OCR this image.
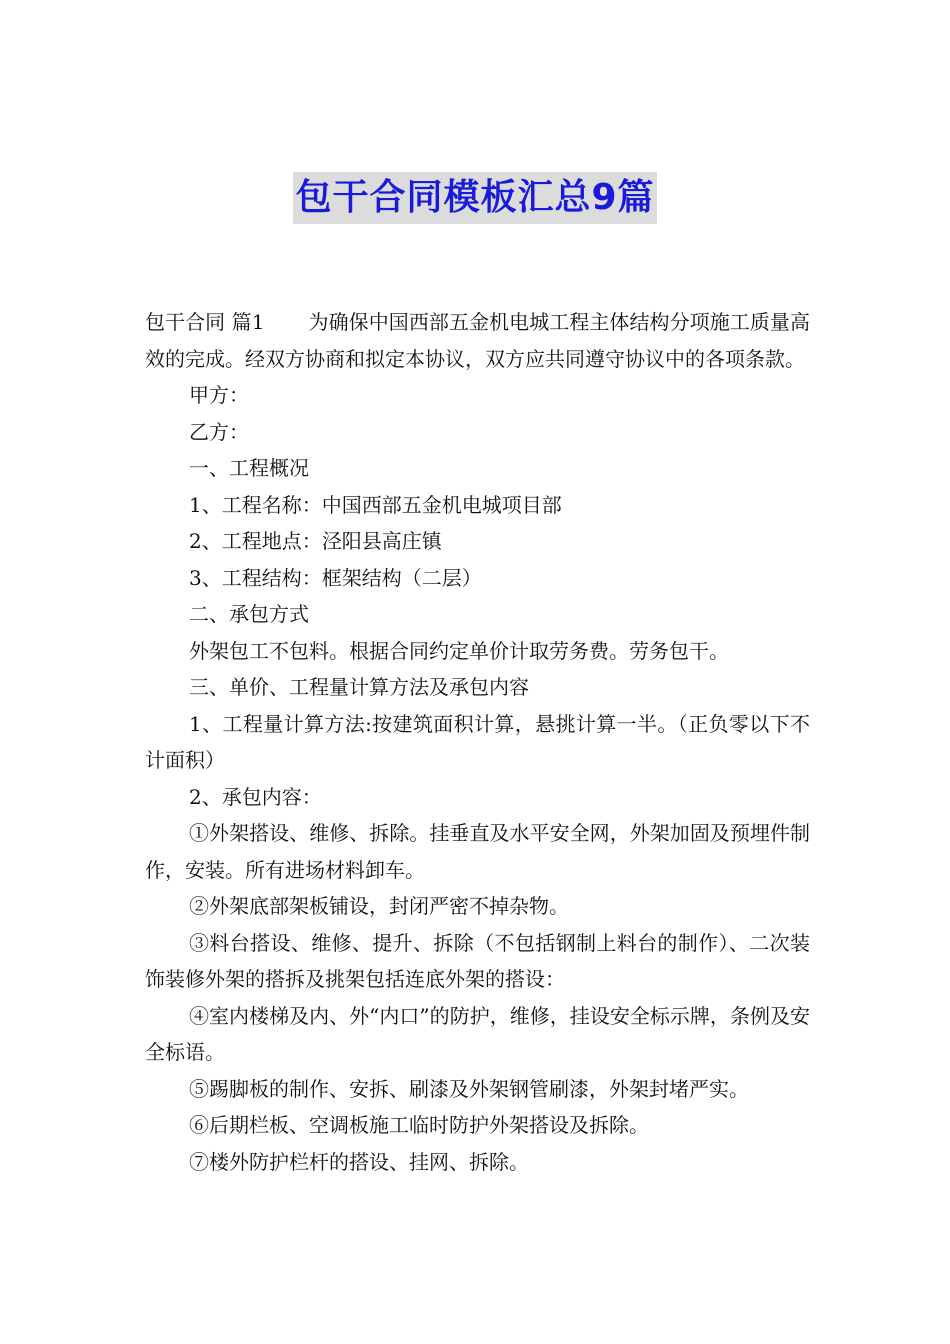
包干合同模板汇总9篇

包干合同 篇1 为确保中国西部五金机电城工程主体结构分项施工质量高效的完成。经双方协商和拟定本协议，双方应共同遵守协议中的各项条款。

甲方：

乙方：

一、工程概况

1、工程名称：中国西部五金机电城项目部

2、工程地点：泾阳县高庄镇

3、工程结构：框架结构（二层）

二、承包方式

外架包工不包料。根据合同约定单价计取劳务费。劳务包干。

三、单价、工程量计算方法及承包内容

1、工程量计算方法:按建筑面积计算，悬挑计算一半。（正负零以下不计面积）

2、承包内容：

①外架搭设、维修、拆除。挂垂直及水平安全网，外架加固及预埋件制作，安装。所有进场材料卸车。

②外架底部架板铺设，封闭严密不掉杂物。

③料台搭设、维修、提升、拆除（不包括钢制上料台的制作）、二次装饰装修外架的搭拆及挑架包括连底外架的搭设：

④室内楼梯及内、外“内口”的防护，维修，挂设安全标示牌，条例及安全标语。

⑤踢脚板的制作、安拆、刷漆及外架钢管刷漆，外架封堵严实。

⑥后期栏板、空调板施工临时防护外架搭设及拆除。

⑦楼外防护栏杆的搭设、挂网、拆除。
